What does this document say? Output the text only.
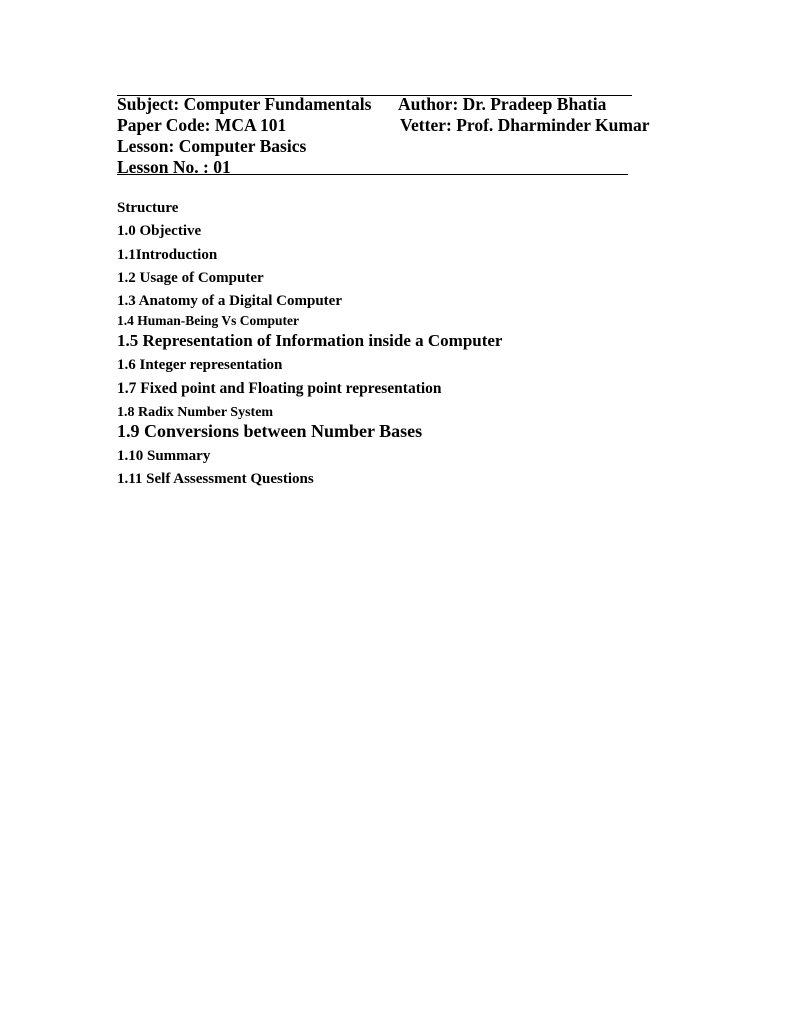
Subject: Computer Fundamentals Author: Dr. Pradeep Bhatia
Paper Code: MCA 101	Vetter: Prof. Dharminder Kumar
Lesson: Computer Basics
Lesson No. : 01
Structure
1.0 Objective
1.1Introduction
1.2 Usage of Computer
1.3 Anatomy of a Digital Computer
1.4 Human-Being Vs Computer
1.5 Representation of Information inside a Computer
1.6 Integer representation
1.7 Fixed point and Floating point representation
1.8 Radix Number System
1.9 Conversions between Number Bases
1.10 Summary
1.11 Self Assessment Questions
